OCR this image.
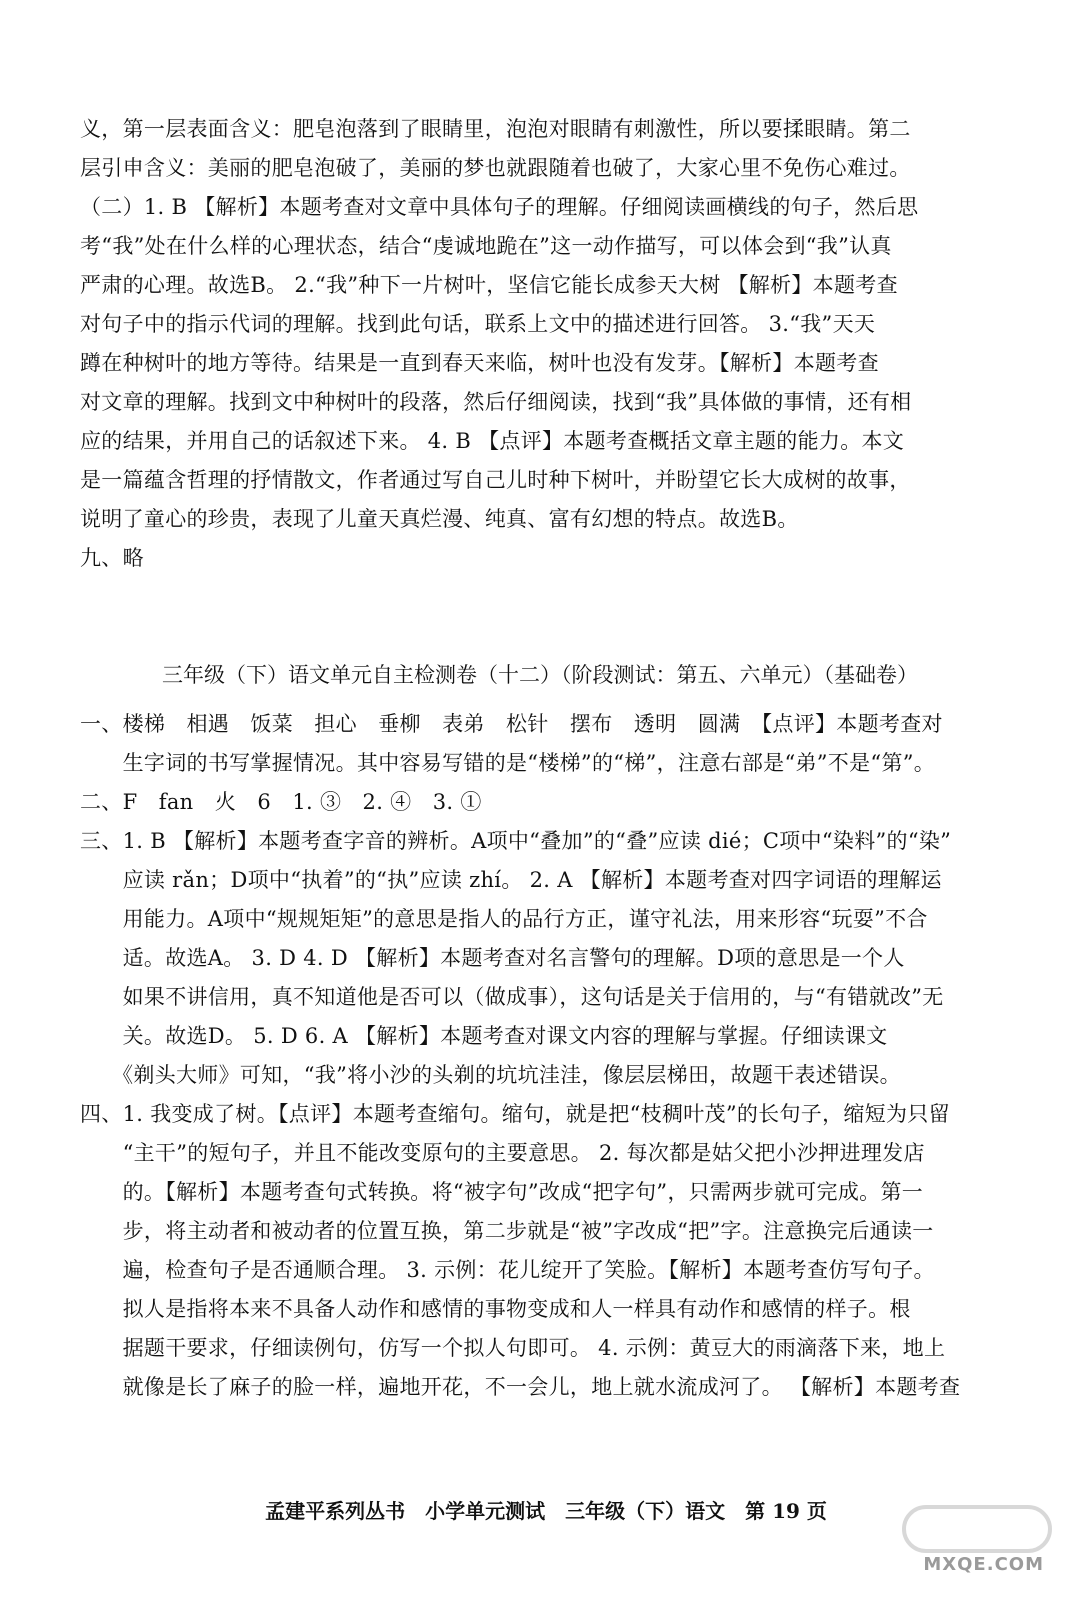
义，第一层表面含义：肥皂泡落到了眼睛里，泡泡对眼睛有刺激性，所以要揉眼睛。第二
层引申含义：美丽的肥皂泡破了，美丽的梦也就跟随着也破了，大家心里不免伤心难过。
（二）1. B 【解析】本题考查对文章中具体句子的理解。仔细阅读画横线的句子，然后思
考“我”处在什么样的心理状态，结合“虔诚地跪在”这一动作描写，可以体会到“我”认真
严肃的心理。故选B。 2.“我”种下一片树叶，坚信它能长成参天大树 【解析】本题考查
对句子中的指示代词的理解。找到此句话，联系上文中的描述进行回答。 3.“我”天天
蹲在种树叶的地方等待。结果是一直到春天来临，树叶也没有发芽。【解析】本题考查
对文章的理解。找到文中种树叶的段落，然后仔细阅读，找到“我”具体做的事情，还有相
应的结果，并用自己的话叙述下来。 4. B 【点评】本题考查概括文章主题的能力。本文
是一篇蕴含哲理的抒情散文，作者通过写自己儿时种下树叶，并盼望它长大成树的故事，
说明了童心的珍贵，表现了儿童天真烂漫、纯真、富有幻想的特点。故选B。
九、略
三年级（下）语文单元自主检测卷（十二）（阶段测试：第五、六单元）（基础卷）
一、楼梯　相遇　饭菜　担心　垂柳　表弟　松针　摆布　透明　圆满　【点评】本题考查对
　　生字词的书写掌握情况。其中容易写错的是“楼梯”的“梯”，注意右部是“弟”不是“第”。
二、F　fan　火　6　1. ③　2. ④　3. ①
三、1. B 【解析】本题考查字音的辨析。A项中“叠加”的“叠”应读 dié；C项中“染料”的“染”
　　应读 rǎn；D项中“执着”的“执”应读 zhí。 2. A 【解析】本题考查对四字词语的理解运
　　用能力。A项中“规规矩矩”的意思是指人的品行方正，谨守礼法，用来形容“玩耍”不合
　　适。故选A。 3. D 4. D 【解析】本题考查对名言警句的理解。D项的意思是一个人
　　如果不讲信用，真不知道他是否可以（做成事），这句话是关于信用的，与“有错就改”无
　　关。故选D。 5. D 6. A 【解析】本题考查对课文内容的理解与掌握。仔细读课文
　　《剃头大师》可知，“我”将小沙的头剃的坑坑洼洼，像层层梯田，故题干表述错误。
四、1. 我变成了树。【点评】本题考查缩句。缩句，就是把“枝稠叶茂”的长句子，缩短为只留
　　“主干”的短句子，并且不能改变原句的主要意思。 2. 每次都是姑父把小沙押进理发店
　　的。【解析】本题考查句式转换。将“被字句”改成“把字句”，只需两步就可完成。第一
　　步，将主动者和被动者的位置互换，第二步就是“被”字改成“把”字。注意换完后通读一
　　遍，检查句子是否通顺合理。 3. 示例：花儿绽开了笑脸。【解析】本题考查仿写句子。
　　拟人是指将本来不具备人动作和感情的事物变成和人一样具有动作和感情的样子。根
　　据题干要求，仔细读例句，仿写一个拟人句即可。 4. 示例：黄豆大的雨滴落下来，地上
　　就像是长了麻子的脸一样，遍地开花，不一会儿，地上就水流成河了。 【解析】本题考查
孟建平系列丛书　小学单元测试　三年级（下）语文　第 19 页
MXQE.COM
